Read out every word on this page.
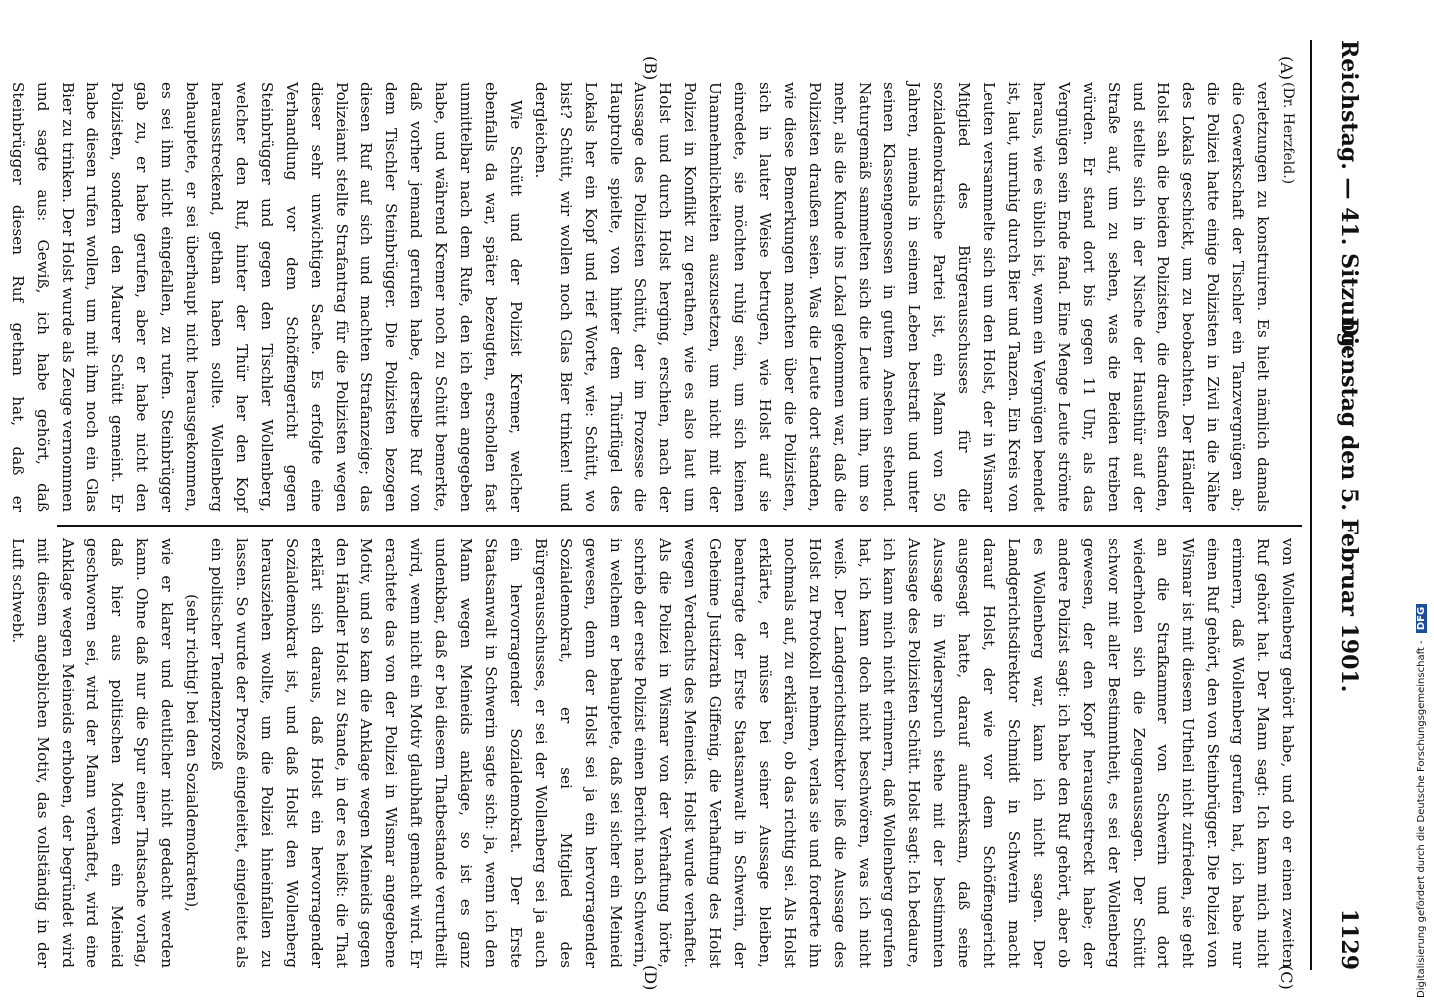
Reichstag. — 41. Sitzung.
Dienstag den 5. Februar 1901.
1129
(A)
(B)
(C)
(D)

(Dr. Herzfeld.)

verletzungen zu konstruiren. Es hielt nämlich damals die Gewerkschaft der Tischler ein Tanzvergnügen ab; die Polizei hatte einige Polizisten in Zivil in die Nähe des Lokals geschickt, um zu beobachten. Der Händler Holst sah die beiden Polizisten, die draußen standen, und stellte sich in der Nische der Hausthür auf der Straße auf, um zu sehen, was die Beiden treiben würden. Er stand dort bis gegen 11 Uhr, als das Vergnügen sein Ende fand. Eine Menge Leute strömte heraus, wie es üblich ist, wenn ein Vergnügen beendet ist, laut, unruhig durch Bier und Tanzen. Ein Kreis von Leuten versammelte sich um den Holst, der in Wismar Mitglied des Bürgerausschusses für die sozialdemokratische Partei ist, ein Mann von 50 Jahren, niemals in seinem Leben bestraft und unter seinen Klassengenossen in gutem Ansehen stehend. Naturgemäß sammelten sich die Leute um ihn, um so mehr, als die Kunde ins Lokal gekommen war, daß die Polizisten draußen seien. Was die Leute dort standen, wie diese Bemerkungen machten über die Polizisten, sich in lauter Weise betrugen, wie Holst auf sie einredete, sie möchten ruhig sein, um sich keinen Unannehmlichkeiten auszusetzen, um nicht mit der Polizei in Konflikt zu gerathen, wie es also laut um Holst und durch Holst herging, erschien, nach der Aussage des Polizisten Schütt, der im Prozesse die Hauptrolle spielte, von hinter dem Thürflügel des Lokals her ein Kopf und rief Worte, wie: Schütt, wo bist? Schütt, wir wollen noch Glas Bier trinken! und dergleichen.

Wie Schütt und der Polizist Kremer, welcher ebenfalls da war, später bezeugten, erschollen fast unmittelbar nach dem Rufe, den ich eben angegeben habe, und während Kremer noch zu Schütt bemerkte, daß vorher jemand gerufen habe, derselbe Ruf von dem Tischler Steinbrügger. Die Polizisten bezogen diesen Ruf auf sich und machten Strafanzeige; das Polizeiamt stellte Strafantrag für die Polizisten wegen dieser sehr unwichtigen Sache. Es erfolgte eine Verhandlung vor dem Schöffengericht gegen Steinbrügger und gegen den Tischler Wollenberg, welcher den Ruf, hinter der Thür her den Kopf herausstreckend, gethan haben sollte. Wollenberg behauptete, er sei überhaupt nicht herausgekommen, es sei ihm nicht eingefallen, zu rufen. Steinbrügger gab zu, er habe gerufen, aber er habe nicht den Polizisten, sondern den Maurer Schütt gemeint. Er habe diesen rufen wollen, um mit ihm noch ein Glas Bier zu trinken. Der Holst wurde als Zeuge vernommen und sagte aus: Gewiß, ich habe gehört, daß Steinbrügger diesen Ruf gethan hat, daß er

von Wollenberg gehört habe, und ob er einen zweiten Ruf gehört hat. Der Mann sagt: Ich kann mich nicht erinnern, daß Wollenberg gerufen hat, ich habe nur einen Ruf gehört, den von Steinbrügger. Die Polizei von Wismar ist mit diesem Urtheil nicht zufrieden, sie geht an die Strafkammer von Schwerin und dort wiederholen sich die Zeugenaussagen. Der Schütt schwor mit aller Bestimmtheit, es sei der Wollenberg gewesen, der den Kopf herausgestreckt habe; der andere Polizist sagt: ich habe den Ruf gehört, aber ob es Wollenberg war, kann ich nicht sagen. Der Landgerichtsdirektor Schmidt in Schwerin macht darauf Holst, der wie vor dem Schöffengericht ausgesagt hatte, darauf aufmerksam, daß seine Aussage in Widerspruch stehe mit der bestimmten Aussage des Polizisten Schütt. Holst sagt: Ich bedaure, ich kann mich nicht erinnern, daß Wollenberg gerufen hat, ich kann doch nicht beschwören, was ich nicht weiß. Der Landgerichtsdirektor ließ die Aussage des Holst zu Protokoll nehmen, verlas sie und forderte ihn nochmals auf, zu erklären, ob das richtig sei. Als Holst erklärte, er müsse bei seiner Aussage bleiben, beantragte der Erste Staatsanwalt in Schwerin, der Geheime Justizrath Giffenig, die Verhaftung des Holst wegen Verdachts des Meineids. Holst wurde verhaftet. Als die Polizei in Wismar von der Verhaftung hörte, schrieb der erste Polizist einen Bericht nach Schwerin, in welchem er behauptete, daß sei sicher ein Meineid gewesen, denn der Holst sei ja ein hervorragender Sozialdemokrat, er sei Mitglied des Bürgerausschusses, er sei der Wollenberg sei ja auch ein hervorragender Sozialdemokrat. Der Erste Staatsanwalt in Schwerin sagte sich: ja, wenn ich den Mann wegen Meineids anklage, so ist es ganz undenkbar, daß er bei diesem Thatbestande verurtheilt wird, wenn nicht ein Motiv glaubhaft gemacht wird. Er erachtete das von der Polizei in Wismar angegebene Motiv, und so kam die Anklage wegen Meineids gegen den Händler Holst zu Stande, in der es heißt: die That erklärt sich daraus, daß Holst ein hervorragender Sozialdemokrat ist, und daß Holst den Wollenberg herausziehen wollte, um die Polizei hineinfallen zu lassen. So wurde der Prozeß eingeleitet, eingeleitet als ein politischer Tendenzprozeß

(sehr richtig! bei den Sozialdemokraten),

wie er klarer und deutlicher nicht gedacht werden kann. Ohne daß nur die Spur einer Thatsache vorlag, daß hier aus politischen Motiven ein Meineid geschworen sei, wird der Mann verhaftet, wird eine Anklage wegen Meineids erhoben, der begründet wird mit diesem angeblichen Motiv, das vollständig in der Luft schwebt.

Digitalisierung gefördert durch die Deutsche Forschungsgemeinschaft - DFG
